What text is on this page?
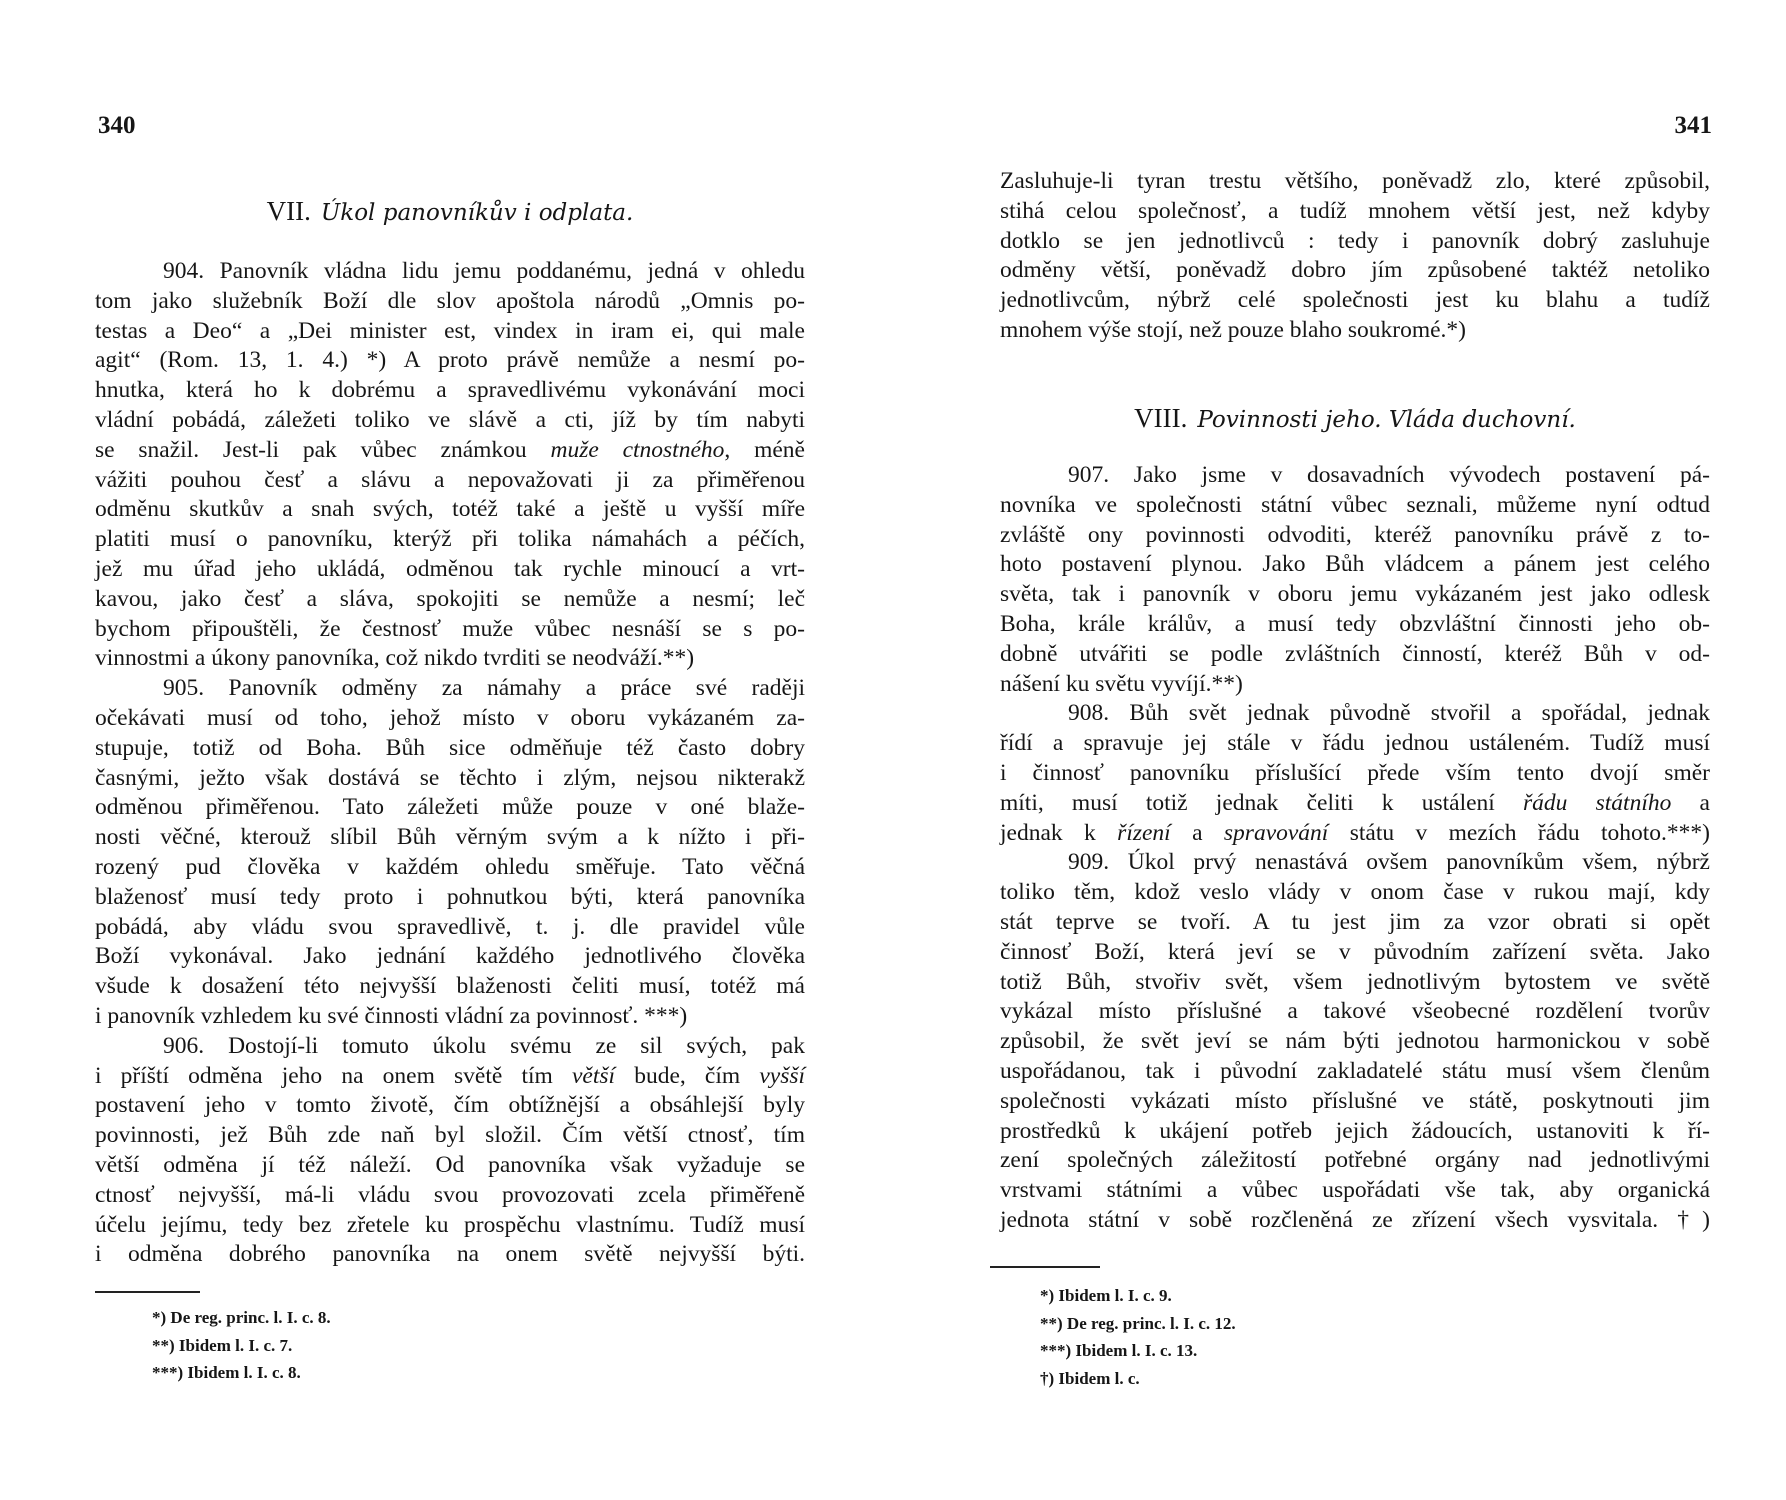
340
VII. Úkol panovníkův i odplata.
904. Panovník vládna lidu jemu poddanému, jedná v ohledu
tom jako služebník Boží dle slov apoštola národů „Omnis po-
testas a Deo“ a „Dei minister est, vindex in iram ei, qui male
agit“ (Rom. 13, 1. 4.) *) A proto právě nemůže a nesmí po-
hnutka, která ho k dobrému a spravedlivému vykonávání moci
vládní pobádá, záležeti toliko ve slávě a cti, jíž by tím nabyti
se snažil. Jest-li pak vůbec známkou muže ctnostného, méně
vážiti pouhou česť a slávu a nepovažovati ji za přiměřenou
odměnu skutkův a snah svých, totéž také a ještě u vyšší míře
platiti musí o panovníku, kterýž při tolika námahách a péčích,
jež mu úřad jeho ukládá, odměnou tak rychle minoucí a vrt-
kavou, jako česť a sláva, spokojiti se nemůže a nesmí; leč
bychom připouštěli, že čestnosť muže vůbec nesnáší se s po-
vinnostmi a úkony panovníka, což nikdo tvrditi se neodváží.**)
905. Panovník odměny za námahy a práce své raději
očekávati musí od toho, jehož místo v oboru vykázaném za-
stupuje, totiž od Boha. Bůh sice odměňuje též často dobry
časnými, ježto však dostává se těchto i zlým, nejsou nikterakž
odměnou přiměřenou. Tato záležeti může pouze v oné blaže-
nosti věčné, kterouž slíbil Bůh věrným svým a k nížto i při-
rozený pud člověka v každém ohledu směřuje. Tato věčná
blaženosť musí tedy proto i pohnutkou býti, která panovníka
pobádá, aby vládu svou spravedlivě, t. j. dle pravidel vůle
Boží vykonával. Jako jednání každého jednotlivého člověka
všude k dosažení této nejvyšší blaženosti čeliti musí, totéž má
i panovník vzhledem ku své činnosti vládní za povinnosť. ***)
906. Dostojí-li tomuto úkolu svému ze sil svých, pak
i příští odměna jeho na onem světě tím větší bude, čím vyšší
postavení jeho v tomto životě, čím obtížnější a obsáhlejší byly
povinnosti, jež Bůh zde naň byl složil. Čím větší ctnosť, tím
větší odměna jí též náleží. Od panovníka však vyžaduje se
ctnosť nejvyšší, má-li vládu svou provozovati zcela přiměřeně
účelu jejímu, tedy bez zřetele ku prospěchu vlastnímu. Tudíž musí
i odměna dobrého panovníka na onem světě nejvyšší býti.
*) De reg. princ. l. I. c. 8.
**) Ibidem l. I. c. 7.
***) Ibidem l. I. c. 8.
341
Zasluhuje-li tyran trestu většího, poněvadž zlo, které způsobil,
stihá celou společnosť, a tudíž mnohem větší jest, než kdyby
dotklo se jen jednotlivců : tedy i panovník dobrý zasluhuje
odměny větší, poněvadž dobro jím způsobené taktéž netoliko
jednotlivcům, nýbrž celé společnosti jest ku blahu a tudíž
mnohem výše stojí, než pouze blaho soukromé.*)
VIII. Povinnosti jeho. Vláda duchovní.
907. Jako jsme v dosavadních vývodech postavení pá-
novníka ve společnosti státní vůbec seznali, můžeme nyní odtud
zvláště ony povinnosti odvoditi, kteréž panovníku právě z to-
hoto postavení plynou. Jako Bůh vládcem a pánem jest celého
světa, tak i panovník v oboru jemu vykázaném jest jako odlesk
Boha, krále králův, a musí tedy obzvláštní činnosti jeho ob-
dobně utvářiti se podle zvláštních činností, kteréž Bůh v od-
nášení ku světu vyvíjí.**)
908. Bůh svět jednak původně stvořil a spořádal, jednak
řídí a spravuje jej stále v řádu jednou ustáleném. Tudíž musí
i činnosť panovníku příslušící přede vším tento dvojí směr
míti, musí totiž jednak čeliti k ustálení řádu státního a
jednak k řízení a spravování státu v mezích řádu tohoto.***)
909. Úkol prvý nenastává ovšem panovníkům všem, nýbrž
toliko těm, kdož veslo vlády v onom čase v rukou mají, kdy
stát teprve se tvoří. A tu jest jim za vzor obrati si opět
činnosť Boží, která jeví se v původním zařízení světa. Jako
totiž Bůh, stvořiv svět, všem jednotlivým bytostem ve světě
vykázal místo příslušné a takové všeobecné rozdělení tvorův
způsobil, že svět jeví se nám býti jednotou harmonickou v sobě
uspořádanou, tak i původní zakladatelé státu musí všem členům
společnosti vykázati místo příslušné ve státě, poskytnouti jim
prostředků k ukájení potřeb jejich žádoucích, ustanoviti k ří-
zení společných záležitostí potřebné orgány nad jednotlivými
vrstvami státními a vůbec uspořádati vše tak, aby organická
jednota státní v sobě rozčleněná ze zřízení všech vysvitala. †)
*) Ibidem l. I. c. 9.
**) De reg. princ. l. I. c. 12.
***) Ibidem l. I. c. 13.
†) Ibidem l. c.
